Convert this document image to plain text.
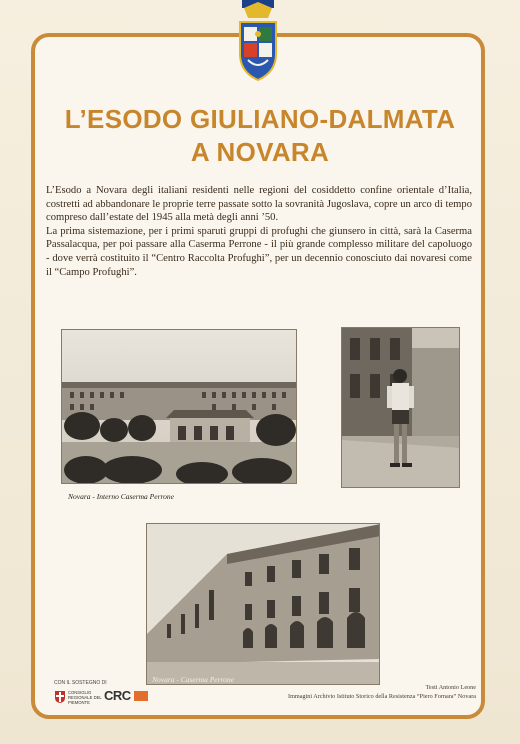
L’ESODO GIULIANO-DALMATA
A NOVARA

L’Esodo a Novara degli italiani residenti nelle regioni del cosiddetto confine orientale d’Italia, costretti ad abbandonare le proprie terre passate sotto la sovranità Jugoslava, copre un arco di tempo compreso dall’estate del 1945 alla metà degli anni ’50.

La prima sistemazione, per i primi sparuti gruppi di profughi che giunsero in città, sarà la Caserma Passalacqua, per poi passare alla Caserma Perrone - il più grande complesso militare del capoluogo - dove verrà costituito il “Centro Raccolta Profughi”, per un decennio conosciuto dai novaresi come il “Campo Profughi”.

Novara - Interno Caserma Perrone
Novara - Caserma Perrone
CON IL SOSTEGNO DI
CONSIGLIO REGIONALE DEL PIEMONTE	CRC
Testi Antonio Leone
Immagini Archivio Istituto Storico della Resistenza “Piero Fornara” Novara
